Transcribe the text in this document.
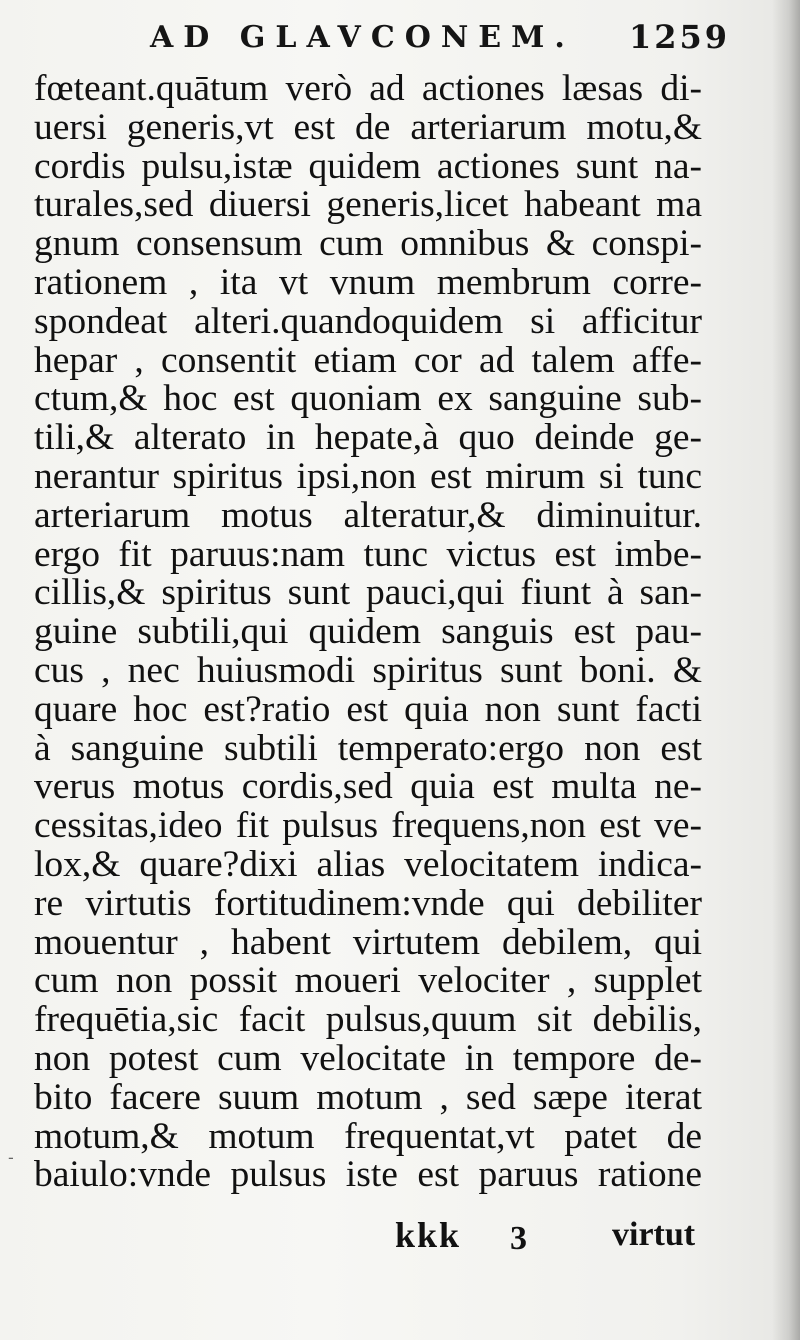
AD GLAVCONEM. 1259
fœteant.quātum verò ad actiones læsas di-
uersi generis,vt est de arteriarum motu,&
cordis pulsu,istæ quidem actiones sunt na-
turales,sed diuersi generis,licet habeant ma
gnum consensum cum omnibus & conspi-
rationem , ita vt vnum membrum corre-
spondeat alteri.quandoquidem si afficitur
hepar , consentit etiam cor ad talem affe-
ctum,& hoc est quoniam ex sanguine sub-
tili,& alterato in hepate,à quo deinde ge-
nerantur spiritus ipsi,non est mirum si tunc
arteriarum motus alteratur,& diminuitur.
ergo fit paruus:nam tunc victus est imbe-
cillis,& spiritus sunt pauci,qui fiunt à san-
guine subtili,qui quidem sanguis est pau-
cus , nec huiusmodi spiritus sunt boni. &
quare hoc est?ratio est quia non sunt facti
à sanguine subtili temperato:ergo non est
verus motus cordis,sed quia est multa ne-
cessitas,ideo fit pulsus frequens,non est ve-
lox,& quare?dixi alias velocitatem indica-
re virtutis fortitudinem:vnde qui debiliter
mouentur , habent virtutem debilem, qui
cum non possit moueri velociter , supplet
frequētia,sic facit pulsus,quum sit debilis,
non potest cum velocitate in tempore de-
bito facere suum motum , sed sæpe iterat
motum,& motum frequentat,vt patet de
baiulo:vnde pulsus iste est paruus ratione
-
kkk 3	virtut
